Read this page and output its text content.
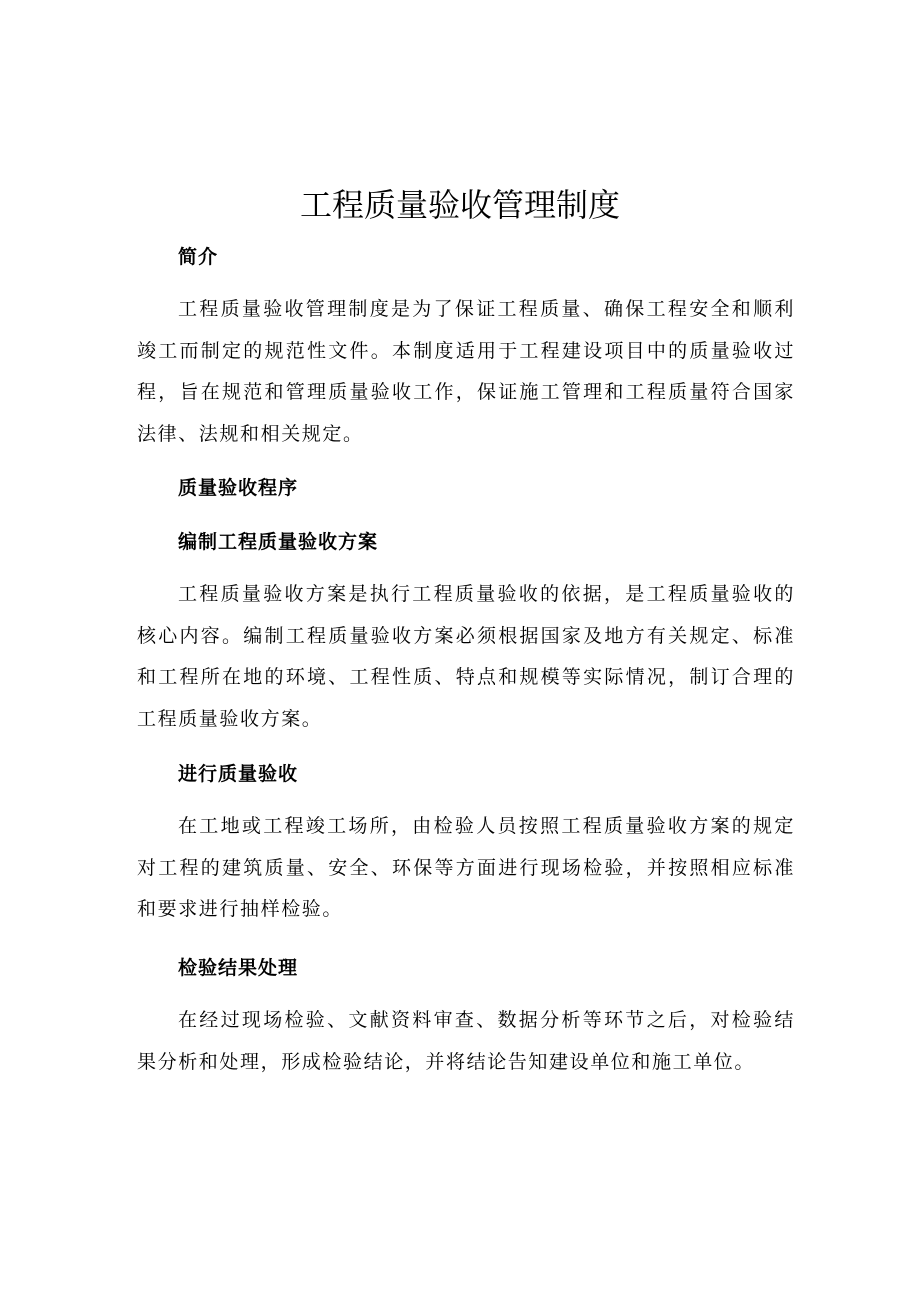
工程质量验收管理制度
简介
工程质量验收管理制度是为了保证工程质量、确保工程安全和顺利竣工而制定的规范性文件。本制度适用于工程建设项目中的质量验收过程，旨在规范和管理质量验收工作，保证施工管理和工程质量符合国家法律、法规和相关规定。
质量验收程序
编制工程质量验收方案
工程质量验收方案是执行工程质量验收的依据，是工程质量验收的核心内容。编制工程质量验收方案必须根据国家及地方有关规定、标准和工程所在地的环境、工程性质、特点和规模等实际情况，制订合理的工程质量验收方案。
进行质量验收
在工地或工程竣工场所，由检验人员按照工程质量验收方案的规定对工程的建筑质量、安全、环保等方面进行现场检验，并按照相应标准和要求进行抽样检验。
检验结果处理
在经过现场检验、文献资料审查、数据分析等环节之后，对检验结果分析和处理，形成检验结论，并将结论告知建设单位和施工单位。
